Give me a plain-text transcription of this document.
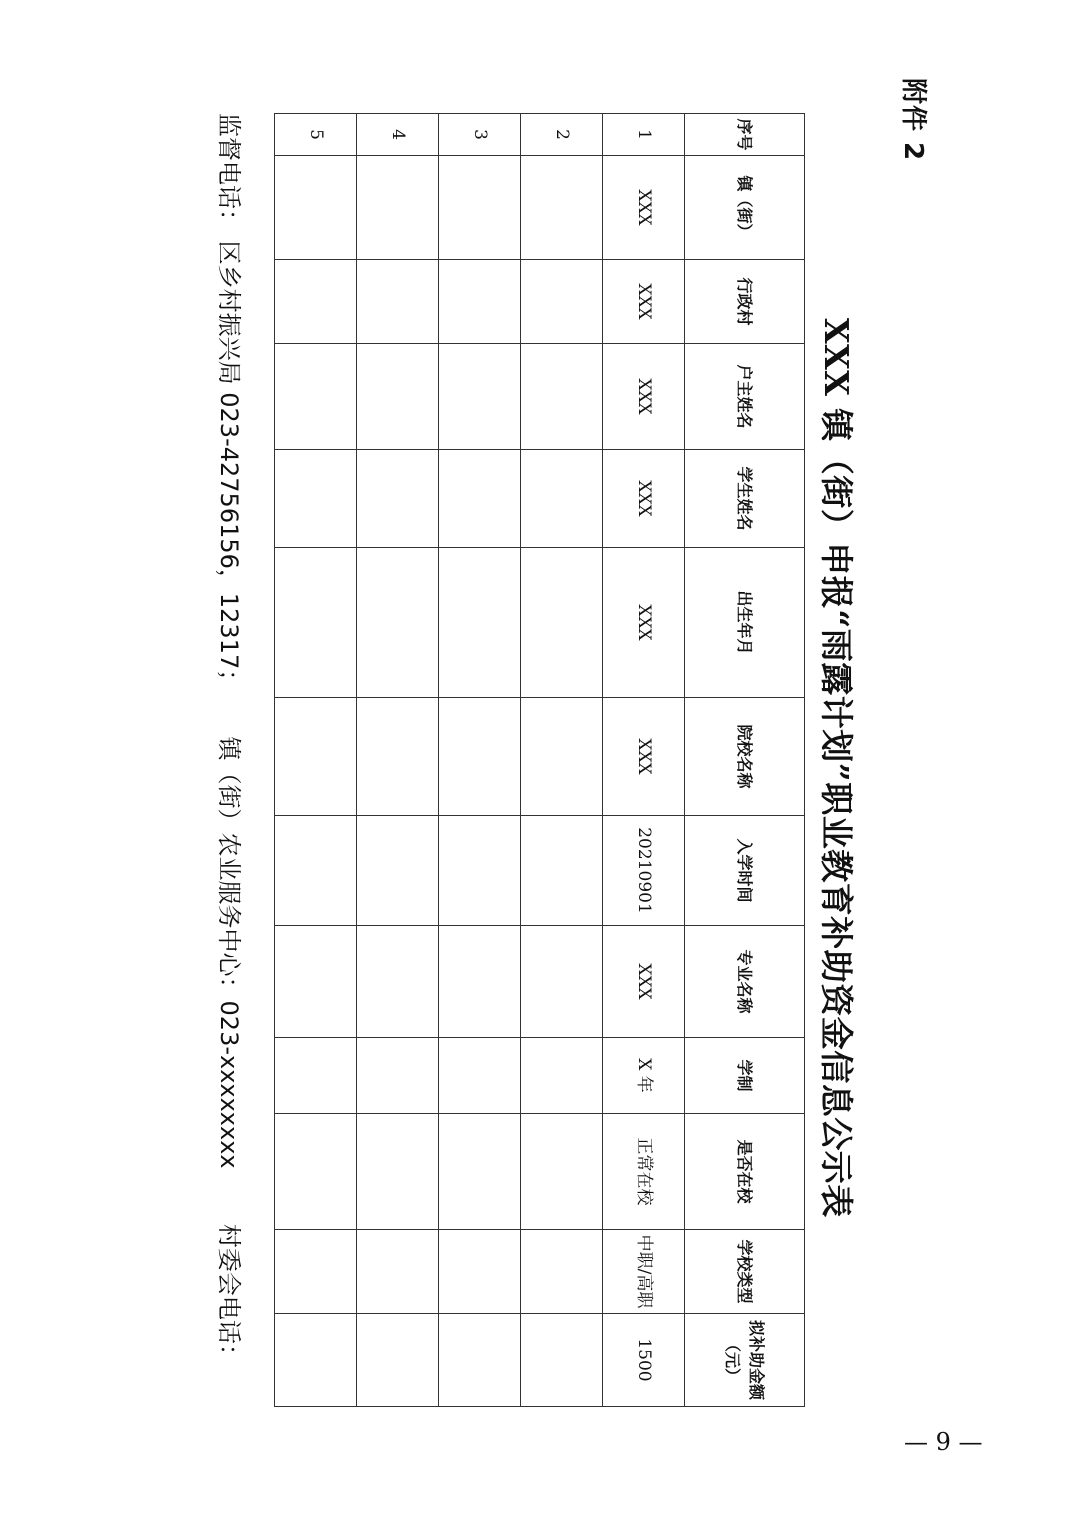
附件 2
XXX 镇（街）申报“雨露计划”职业教育补助资金信息公示表
序号	镇（街）	行政村	户主姓名	学生姓名	出生年月	院校名称	入学时间	专业名称	学制	是否在校	学校类型	拟补助金额（元）
1	XXX	XXX	XXX	XXX	XXX	XXX	20210901	XXX	X 年	正常在校	中职/高职	1500
2												
3												
4												
5												
监督电话： 区乡村振兴局 023-42756156，12317；  镇（街）农业服务中心：023-xxxxxxxx  村委会电话：
— 9 —
